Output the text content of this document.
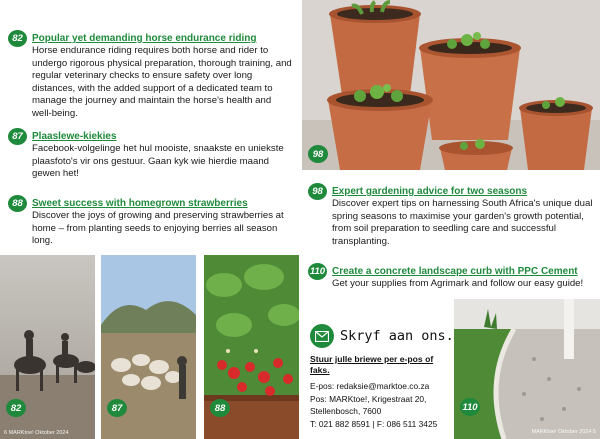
82 Popular yet demanding horse endurance riding

Horse endurance riding requires both horse and rider to undergo rigorous physical preparation, thorough training, and regular veterinary checks to ensure safety over long distances, with the added support of a dedicated team to manage the journey and maintain the horse's health and well-being.

87 Plaaslewe-kiekies

Facebook-volgelinge het hul mooiste, snaakste en uniekste plaasfoto's vir ons gestuur. Gaan kyk wie hierdie maand gewen het!

88 Sweet success with homegrown strawberries

Discover the joys of growing and preserving strawberries at home – from planting seeds to enjoying berries all season long.

98 Expert gardening advice for two seasons

Discover expert tips on harnessing South Africa's unique dual spring seasons to maximise your garden's growth potential, from soil preparation to seedling care and successful transplanting.

110 Create a concrete landscape curb with PPC Cement

Get your supplies from Agrimark and follow our easy guide!

98
82
6 MARKtoe! Oktober 2024
87	88	110
MARKtoe! Oktober 2024 5
Skryf aan ons.
Stuur julle briewe per e-pos of faks.
E-pos: redaksie@marktoe.co.za
Pos: MARKtoe!, Krigestraat 20,
Stellenbosch, 7600
T: 021 882 8591 | F: 086 511 3425
